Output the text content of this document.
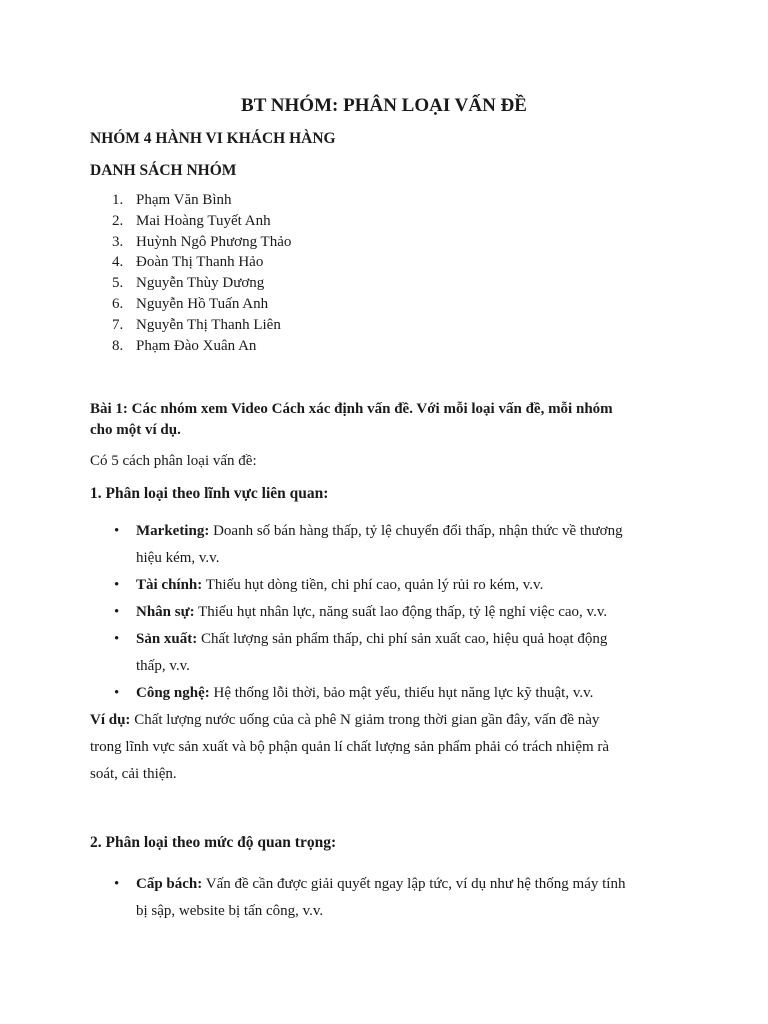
BT NHÓM: PHÂN LOẠI VẤN ĐỀ
NHÓM 4 HÀNH VI KHÁCH HÀNG
DANH SÁCH NHÓM
1. Phạm Văn Bình
2. Mai Hoàng Tuyết Anh
3. Huỳnh Ngô Phương Thảo
4. Đoàn Thị Thanh Hảo
5. Nguyễn Thùy Dương
6. Nguyễn Hồ Tuấn Anh
7. Nguyễn Thị Thanh Liên
8. Phạm Đào Xuân An
Bài 1: Các nhóm xem Video Cách xác định vấn đề. Với mỗi loại vấn đề, mỗi nhóm
cho một ví dụ.
Có 5 cách phân loại vấn đề:
1. Phân loại theo lĩnh vực liên quan:
• Marketing: Doanh số bán hàng thấp, tỷ lệ chuyển đổi thấp, nhận thức về thương
hiệu kém, v.v.
• Tài chính: Thiếu hụt dòng tiền, chi phí cao, quản lý rủi ro kém, v.v.
• Nhân sự: Thiếu hụt nhân lực, năng suất lao động thấp, tỷ lệ nghỉ việc cao, v.v.
• Sản xuất: Chất lượng sản phẩm thấp, chi phí sản xuất cao, hiệu quả hoạt động
thấp, v.v.
• Công nghệ: Hệ thống lỗi thời, bảo mật yếu, thiếu hụt năng lực kỹ thuật, v.v.
Ví dụ: Chất lượng nước uống của cà phê N giảm trong thời gian gần đây, vấn đề này
trong lĩnh vực sản xuất và bộ phận quản lí chất lượng sản phẩm phải có trách nhiệm rà
soát, cải thiện.
2. Phân loại theo mức độ quan trọng:
• Cấp bách: Vấn đề cần được giải quyết ngay lập tức, ví dụ như hệ thống máy tính
bị sập, website bị tấn công, v.v.
